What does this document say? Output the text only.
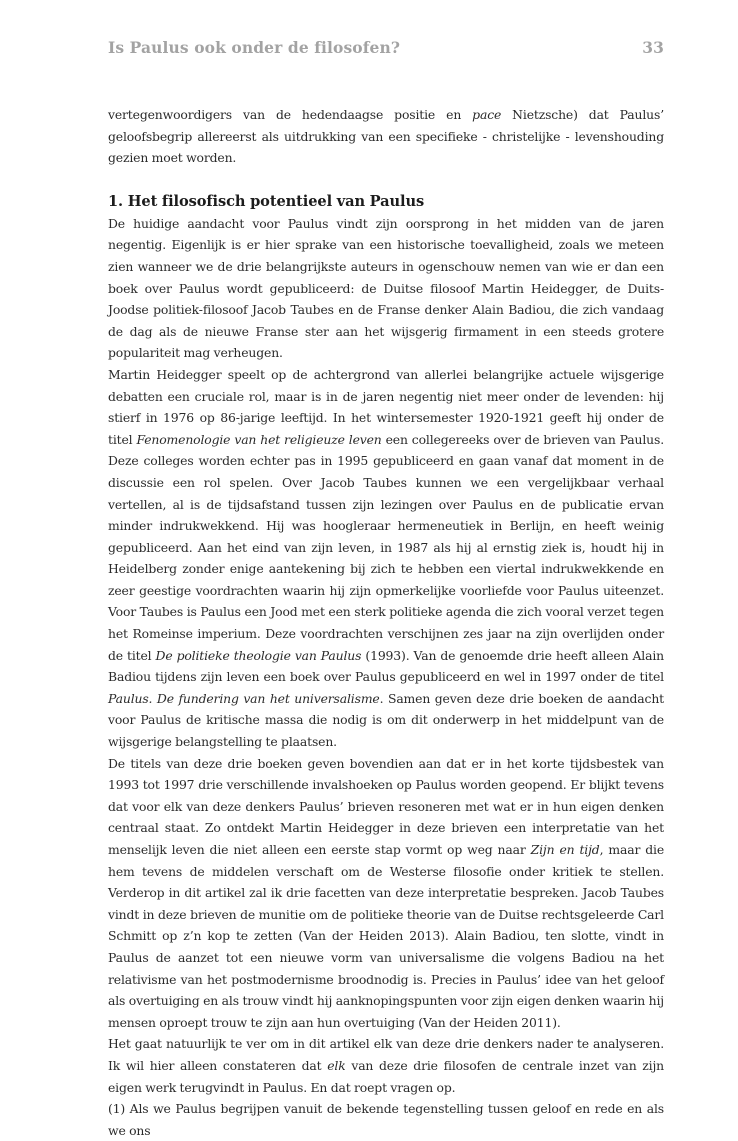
Is Paulus ook onder de filosofen?	33

vertegenwoordigers van de hedendaagse positie en pace Nietzsche) dat Paulus’ geloofsbegrip allereerst als uitdrukking van een specifieke - christelijke - levenshouding gezien moet worden.

1. Het filosofisch potentieel van Paulus

De huidige aandacht voor Paulus vindt zijn oorsprong in het midden van de jaren negentig. Eigenlijk is er hier sprake van een historische toevalligheid, zoals we meteen zien wanneer we de drie belangrijkste auteurs in ogenschouw nemen van wie er dan een boek over Paulus wordt gepubliceerd: de Duitse filosoof Martin Heidegger, de Duits-Joodse politiek-filosoof Jacob Taubes en de Franse denker Alain Badiou, die zich vandaag de dag als de nieuwe Franse ster aan het wijsgerig firmament in een steeds grotere populariteit mag verheugen.

Martin Heidegger speelt op de achtergrond van allerlei belangrijke actuele wijsgerige debatten een cruciale rol, maar is in de jaren negentig niet meer onder de levenden: hij stierf in 1976 op 86-jarige leeftijd. In het wintersemester 1920-1921 geeft hij onder de titel Fenomenologie van het religieuze leven een collegereeks over de brieven van Paulus. Deze colleges worden echter pas in 1995 gepubliceerd en gaan vanaf dat moment in de discussie een rol spelen. Over Jacob Taubes kunnen we een vergelijkbaar verhaal vertellen, al is de tijdsafstand tussen zijn lezingen over Paulus en de publicatie ervan minder indrukwekkend. Hij was hoogleraar hermeneutiek in Berlijn, en heeft weinig gepubliceerd. Aan het eind van zijn leven, in 1987 als hij al ernstig ziek is, houdt hij in Heidelberg zonder enige aantekening bij zich te hebben een viertal indrukwekkende en zeer geestige voordrachten waarin hij zijn opmerkelijke voorliefde voor Paulus uiteenzet. Voor Taubes is Paulus een Jood met een sterk politieke agenda die zich vooral verzet tegen het Romeinse imperium. Deze voordrachten verschijnen zes jaar na zijn overlijden onder de titel De politieke theologie van Paulus (1993). Van de genoemde drie heeft alleen Alain Badiou tijdens zijn leven een boek over Paulus gepubliceerd en wel in 1997 onder de titel Paulus. De fundering van het universalisme. Samen geven deze drie boeken de aandacht voor Paulus de kritische massa die nodig is om dit onderwerp in het middelpunt van de wijsgerige belangstelling te plaatsen.

De titels van deze drie boeken geven bovendien aan dat er in het korte tijdsbestek van 1993 tot 1997 drie verschillende invalshoeken op Paulus worden geopend. Er blijkt tevens dat voor elk van deze denkers Paulus’ brieven resoneren met wat er in hun eigen denken centraal staat. Zo ontdekt Martin Heidegger in deze brieven een interpretatie van het menselijk leven die niet alleen een eerste stap vormt op weg naar Zijn en tijd, maar die hem tevens de middelen verschaft om de Westerse filosofie onder kritiek te stellen. Verderop in dit artikel zal ik drie facetten van deze interpretatie bespreken. Jacob Taubes vindt in deze brieven de munitie om de politieke theorie van de Duitse rechtsgeleerde Carl Schmitt op z’n kop te zetten (Van der Heiden 2013). Alain Badiou, ten slotte, vindt in Paulus de aanzet tot een nieuwe vorm van universalisme die volgens Badiou na het relativisme van het postmodernisme broodnodig is. Precies in Paulus’ idee van het geloof als overtuiging en als trouw vindt hij aanknopingspunten voor zijn eigen denken waarin hij mensen oproept trouw te zijn aan hun overtuiging (Van der Heiden 2011).

Het gaat natuurlijk te ver om in dit artikel elk van deze drie denkers nader te analyseren. Ik wil hier alleen constateren dat elk van deze drie filosofen de centrale inzet van zijn eigen werk terugvindt in Paulus. En dat roept vragen op.

(1) Als we Paulus begrijpen vanuit de bekende tegenstelling tussen geloof en rede en als we ons
